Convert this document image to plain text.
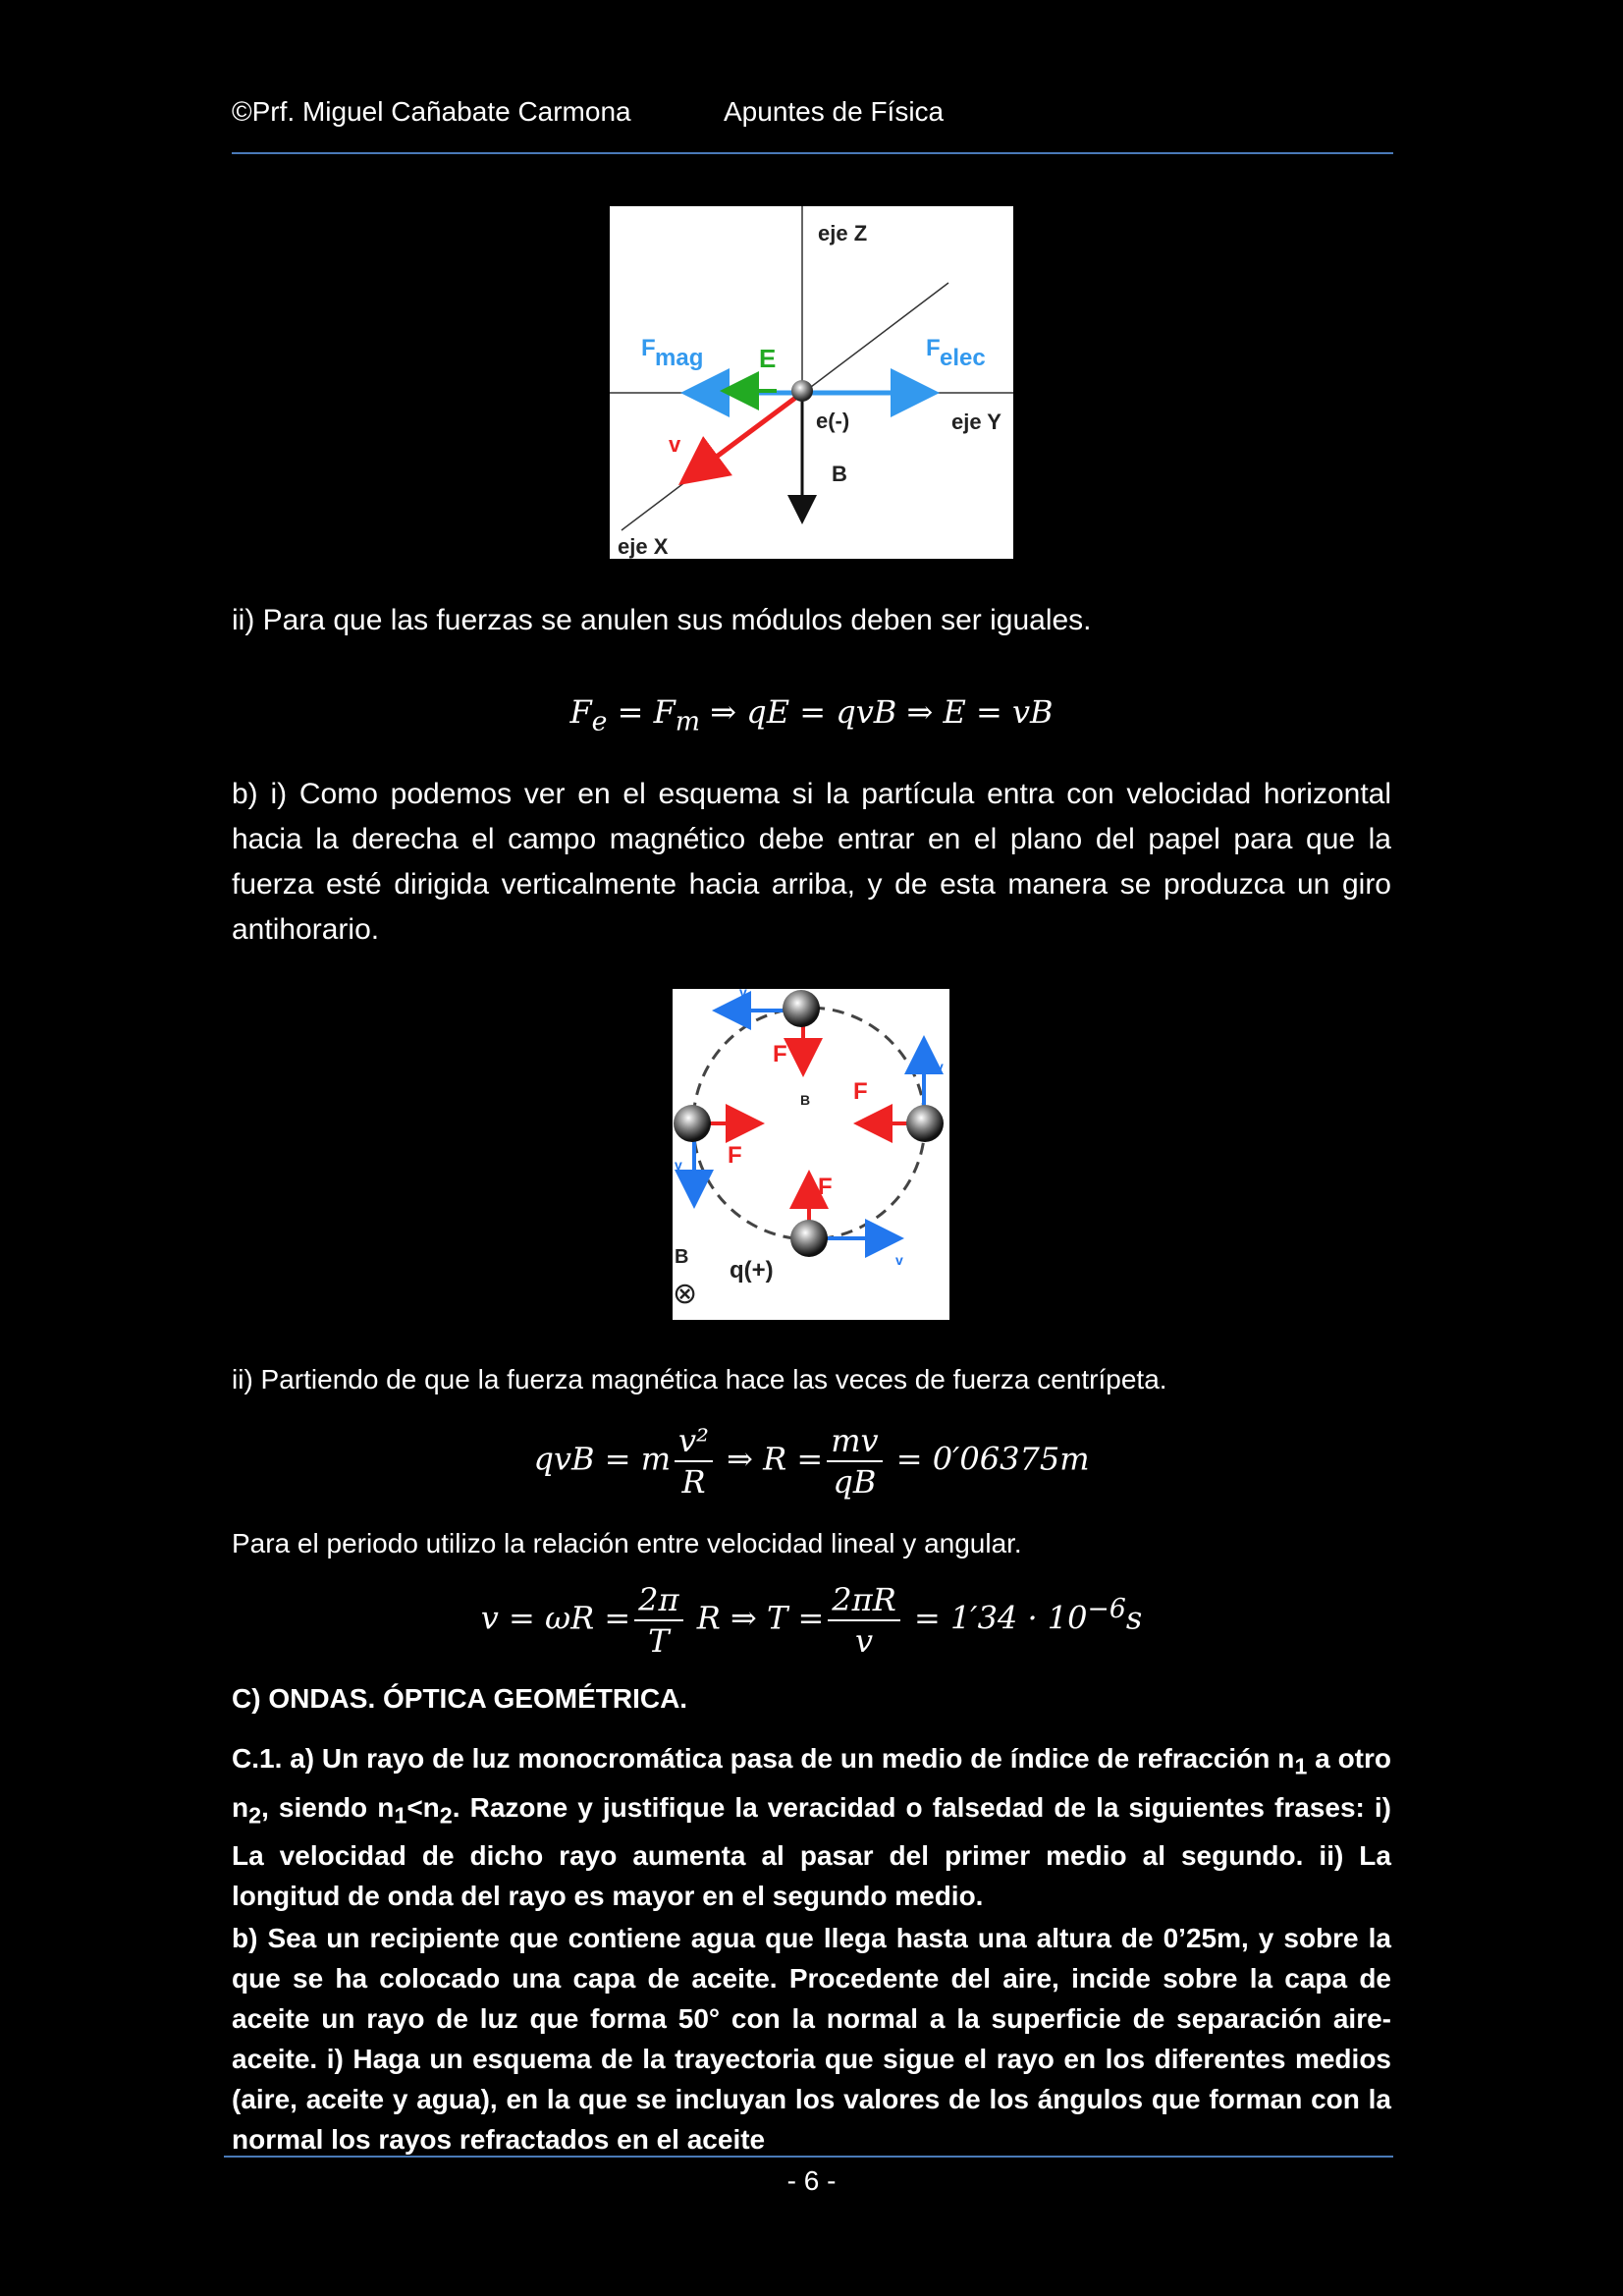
©Prf. Miguel Cañabate Carmona	Apuntes de Física
eje Z
eje Y
eje X
F mag E	F elec
e(-)
v
B
ii) Para que las fuerzas se anulen sus módulos deben ser iguales.
$F_e = F_m$ ⇒ qE = qvB ⇒ E = vB
b) i) Como podemos ver en el esquema si la partícula entra con velocidad horizontal hacia la derecha el campo magnético debe entrar en el plano del papel para que la fuerza esté dirigida verticalmente hacia arriba, y de esta manera se produzca un giro antihorario.
F
F
F
F
v
v
v
v
B
B q(+)
⊗
ii) Partiendo de que la fuerza magnética hace las veces de fuerza centrípeta.
qvB = m $\frac{\text{v²}}{R}$ ⇒ $R = \frac{mv}{qB} = 0'06375m$
Para el periodo utilizo la relación entre velocidad lineal y angular.
$v = \omega R = \frac{2\pi}{T}$ R ⇒ $T = \frac{2\pi R}{v} = 1'34 \cdot 10^{-6}s$
C) ONDAS. ÓPTICA GEOMÉTRICA.
C.1. a) Un rayo de luz monocromática pasa de un medio de índice de refracción $n_1$ a otro $n_2$, siendo $n_1<n_2$. Razone y justifique la veracidad o falsedad de la siguientes frases: i) La velocidad de dicho rayo aumenta al pasar del primer medio al segundo. ii) La longitud de onda del rayo es mayor en el segundo medio.
b) Sea un recipiente que contiene agua que llega hasta una altura de 0’25m, y sobre la que se ha colocado una capa de aceite. Procedente del aire, incide sobre la capa de aceite un rayo de luz que forma 50° con la normal a la superficie de separación aire-aceite. i) Haga un esquema de la trayectoria que sigue el rayo en los diferentes medios (aire, aceite y agua), en la que se incluyan los valores de los ángulos que forman con la normal los rayos refractados en el aceite
- 6 -
